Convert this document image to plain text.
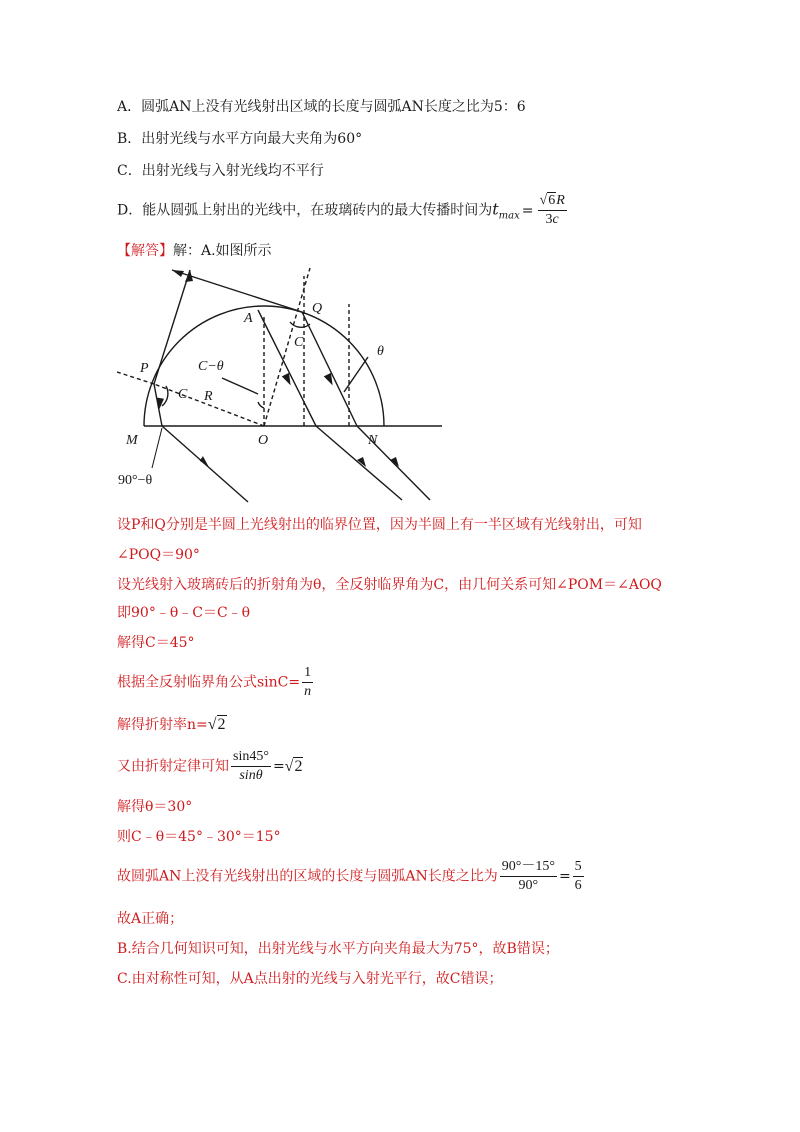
A．圆弧AN上没有光线射出区域的长度与圆弧AN长度之比为5：6
B．出射光线与水平方向最大夹角为60°
C．出射光线与入射光线均不平行
D．能从圆弧上射出的光线中，在玻璃砖内的最大传播时间为$t_{max} = \frac{√6R}{3c}$
【解答】解：A.如图所示
P
Q
A
C
C
θ
C−θ
R
M	O	N
90°−θ
设P和Q分别是半圆上光线射出的临界位置，因为半圆上有一半区域有光线射出，可知
∠POQ＝90°
设光线射入玻璃砖后的折射角为θ，全反射临界角为C，由几何关系可知∠POM＝∠AOQ
即90°﹣θ﹣C＝C﹣θ
解得C＝45°
根据全反射临界角公式$\sin C= \frac{1}{n}$
解得折射率n=√2
又由折射定律可知 $\frac{\sin 45^\circ}{\sin\theta} =√2$
解得θ＝30°
则C﹣θ＝45°﹣30°＝15°
故圆弧AN上没有光线射出的区域的长度与圆弧AN长度之比为 $\frac{90^\circ-15^\circ}{90^\circ} = \frac{5}{6}$
故A正确；
B.结合几何知识可知，出射光线与水平方向夹角最大为75°，故B错误；
C.由对称性可知，从A点出射的光线与入射光平行，故C错误；
